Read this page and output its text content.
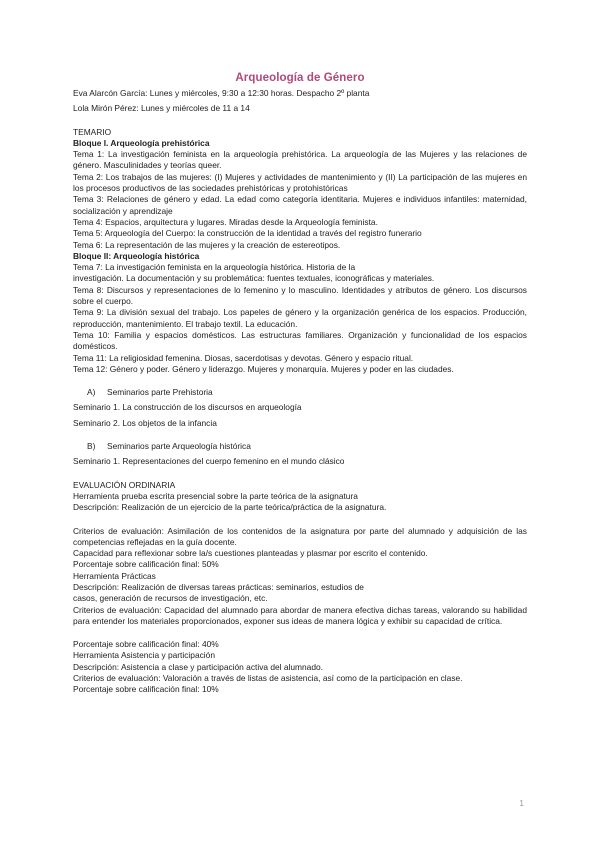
Arqueología de Género

Eva Alarcón García: Lunes y miércoles, 9:30 a 12:30 horas. Despacho 2º planta

Lola Mirón Pérez: Lunes y miércoles de 11 a 14

TEMARIO

Bloque I. Arqueología prehistórica

Tema 1: La investigación feminista en la arqueología prehistórica. La arqueología de las Mujeres y las relaciones de género. Masculinidades y teorías queer.

Tema 2: Los trabajos de las mujeres: (I) Mujeres y actividades de mantenimiento y (II) La participación de las mujeres en los procesos productivos de las sociedades prehistóricas y protohistóricas

Tema 3: Relaciones de género y edad. La edad como categoría identitaria. Mujeres e individuos infantiles: maternidad, socialización y aprendizaje

Tema 4: Espacios, arquitectura y lugares. Miradas desde la Arqueología feminista.

Tema 5: Arqueología del Cuerpo: la construcción de la identidad a través del registro funerario

Tema 6: La representación de las mujeres y la creación de estereotipos.

Bloque II: Arqueología histórica

Tema 7: La investigación feminista en la arqueología histórica. Historia de la

investigación. La documentación y su problemática: fuentes textuales, iconográficas y materiales.

Tema 8: Discursos y representaciones de lo femenino y lo masculino. Identidades y atributos de género. Los discursos sobre el cuerpo.

Tema 9: La división sexual del trabajo. Los papeles de género y la organización genérica de los espacios. Producción, reproducción, mantenimiento. El trabajo textil. La educación.

Tema 10: Familia y espacios domésticos. Las estructuras familiares. Organización y funcionalidad de los espacios domésticos.

Tema 11: La religiosidad femenina. Diosas, sacerdotisas y devotas. Género y espacio ritual.

Tema 12: Género y poder. Género y liderazgo. Mujeres y monarquía. Mujeres y poder en las ciudades.

A) Seminarios parte Prehistoria

Seminario 1. La construcción de los discursos en arqueología

Seminario 2. Los objetos de la infancia

B) Seminarios parte Arqueología histórica

Seminario 1. Representaciones del cuerpo femenino en el mundo clásico

EVALUACIÓN ORDINARIA

Herramienta prueba escrita presencial sobre la parte teórica de la asignatura

Descripción: Realización de un ejercicio de la parte teórica/práctica de la asignatura.

Criterios de evaluación: Asimilación de los contenidos de la asignatura por parte del alumnado y adquisición de las competencias reflejadas en la guía docente.

Capacidad para reflexionar sobre la/s cuestiones planteadas y plasmar por escrito el contenido.

Porcentaje sobre calificación final: 50%

Herramienta Prácticas

Descripción: Realización de diversas tareas prácticas: seminarios, estudios de

casos, generación de recursos de investigación, etc.

Criterios de evaluación: Capacidad del alumnado para abordar de manera efectiva dichas tareas, valorando su habilidad para entender los materiales proporcionados, exponer sus ideas de manera lógica y exhibir su capacidad de crítica.

Porcentaje sobre calificación final: 40%

Herramienta Asistencia y participación

Descripción: Asistencia a clase y participación activa del alumnado.

Criterios de evaluación: Valoración a través de listas de asistencia, así como de la participación en clase.

Porcentaje sobre calificación final: 10%

1
